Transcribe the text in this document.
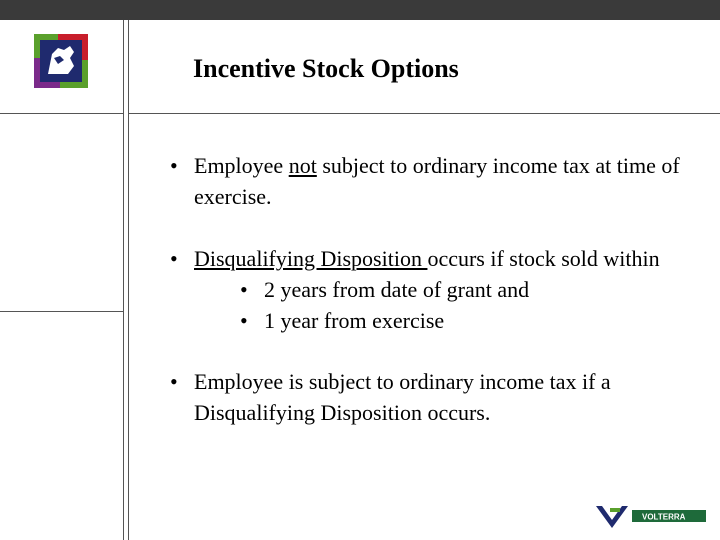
Incentive Stock Options
• Employee not subject to ordinary income tax at time of exercise.
• Disqualifying Disposition occurs if stock sold within
• 2 years from date of grant and
• 1 year from exercise
• Employee is subject to ordinary income tax if a Disqualifying Disposition occurs.
VOLTERRA
